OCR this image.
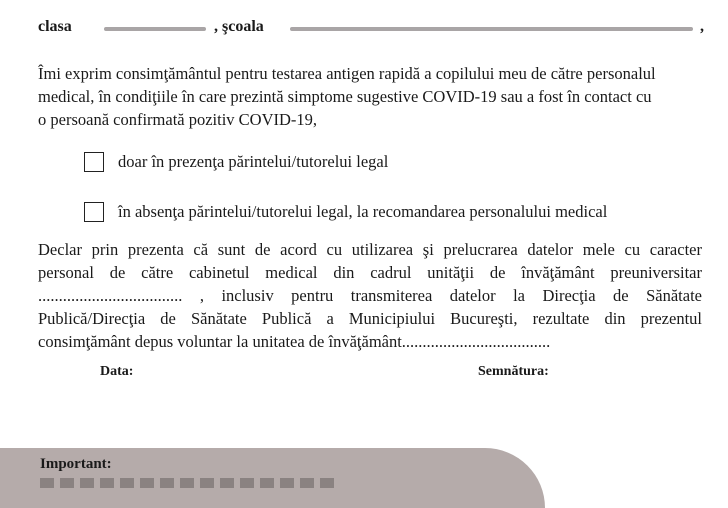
clasa	, şcoala	,
Îmi exprim consimţământul pentru testarea antigen rapidă a copilului meu de către personalul
medical, în condiţiile în care prezintă simptome sugestive COVID-19 sau a fost în contact cu
o persoană confirmată pozitiv COVID-19,
doar în prezenţa părintelui/tutorelui legal
în absenţa părintelui/tutorelui legal, la recomandarea personalului medical
Declar prin prezenta că sunt de acord cu utilizarea şi prelucrarea datelor mele cu caracter
personal de către cabinetul medical din cadrul unităţii de învăţământ preuniversitar
................................... , inclusiv pentru transmiterea datelor la Direcţia de Sănătate
Publică/Direcţia de Sănătate Publică a Municipiului Bucureşti, rezultate din prezentul
consimţământ depus voluntar la unitatea de învăţământ....................................
Data:	Semnătura:
Important:
